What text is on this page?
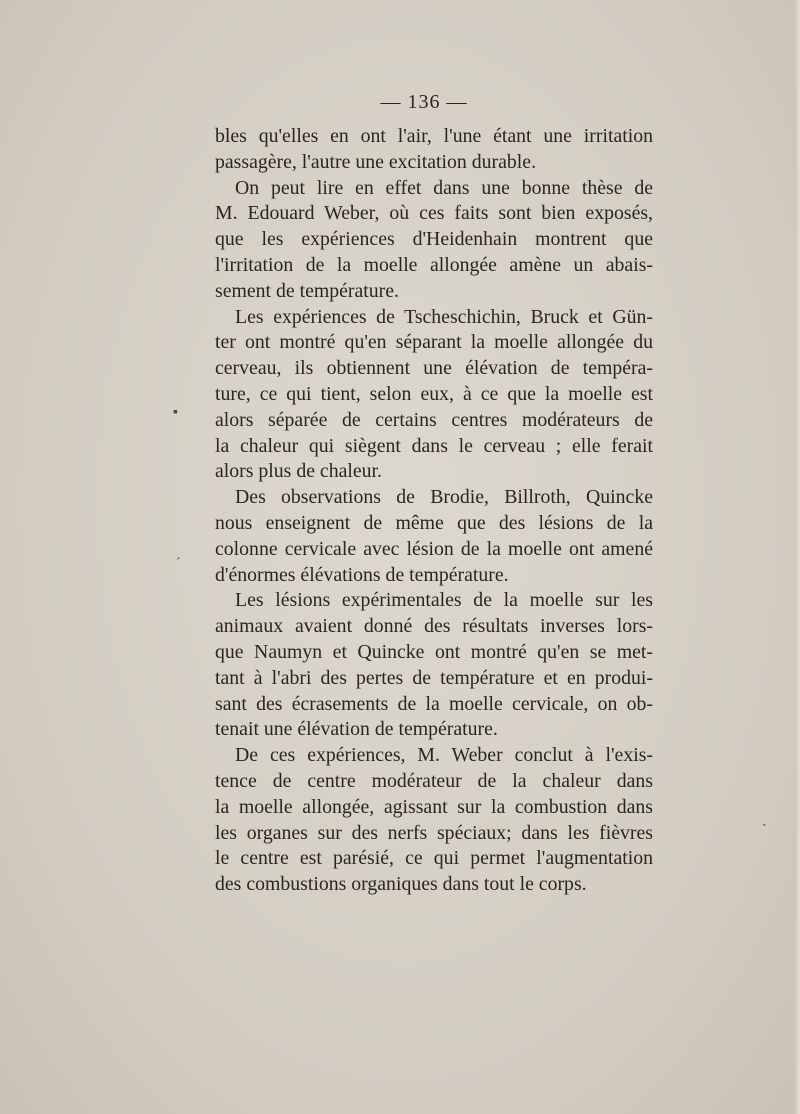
— 136 —
bles qu'elles en ont l'air, l'une étant une irritation
passagère, l'autre une excitation durable.
On peut lire en effet dans une bonne thèse de
M. Edouard Weber, où ces faits sont bien exposés,
que les expériences d'Heidenhain montrent que
l'irritation de la moelle allongée amène un abais-
sement de température.
Les expériences de Tscheschichin, Bruck et Gün-
ter ont montré qu'en séparant la moelle allongée du
cerveau, ils obtiennent une élévation de tempéra-
ture, ce qui tient, selon eux, à ce que la moelle est
alors séparée de certains centres modérateurs de
la chaleur qui siègent dans le cerveau ; elle ferait
alors plus de chaleur.
Des observations de Brodie, Billroth, Quincke
nous enseignent de même que des lésions de la
colonne cervicale avec lésion de la moelle ont amené
d'énormes élévations de température.
Les lésions expérimentales de la moelle sur les
animaux avaient donné des résultats inverses lors-
que Naumyn et Quincke ont montré qu'en se met-
tant à l'abri des pertes de température et en produi-
sant des écrasements de la moelle cervicale, on ob-
tenait une élévation de température.
De ces expériences, M. Weber conclut à l'exis-
tence de centre modérateur de la chaleur dans
la moelle allongée, agissant sur la combustion dans
les organes sur des nerfs spéciaux; dans les fièvres
le centre est parésié, ce qui permet l'augmentation
des combustions organiques dans tout le corps.
▪
ˊ
ˎ
